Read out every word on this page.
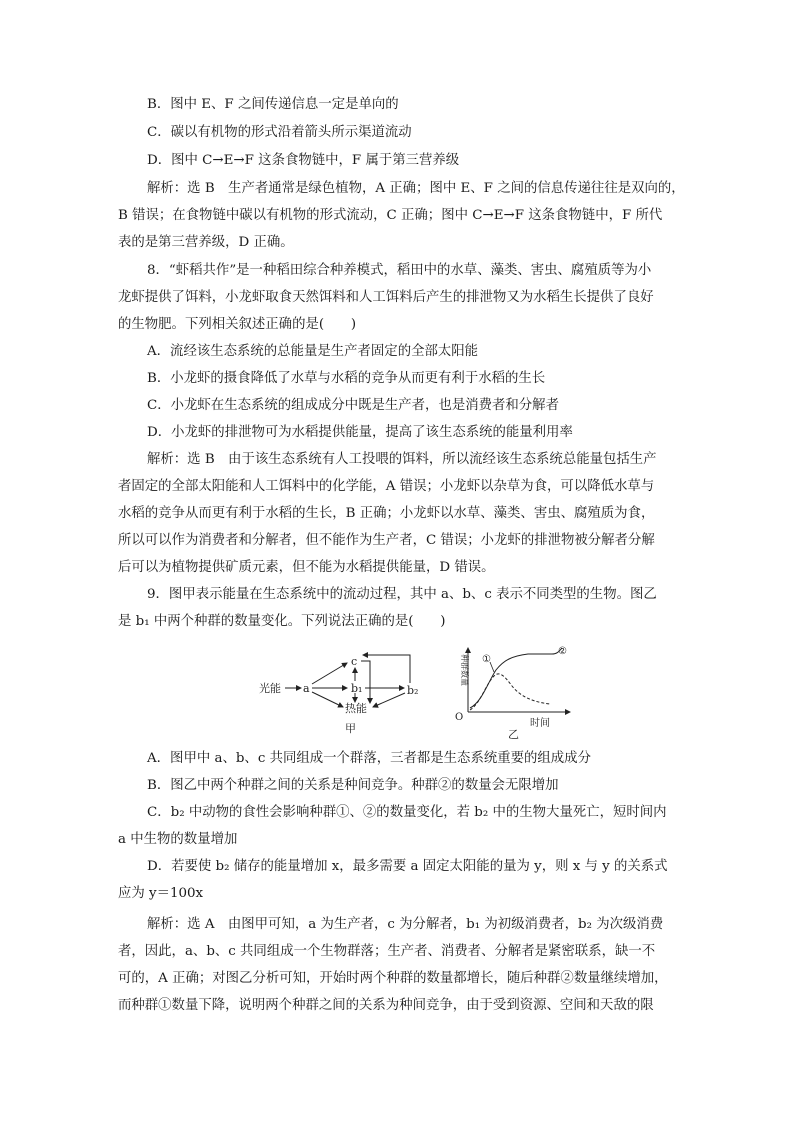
B．图中 E、F 之间传递信息一定是单向的
C．碳以有机物的形式沿着箭头所示渠道流动
D．图中 C→E→F 这条食物链中，F 属于第三营养级
解析：选 B　生产者通常是绿色植物，A 正确；图中 E、F 之间的信息传递往往是双向的，
B 错误；在食物链中碳以有机物的形式流动，C 正确；图中 C→E→F 这条食物链中，F 所代
表的是第三营养级，D 正确。
8．“虾稻共作”是一种稻田综合种养模式，稻田中的水草、藻类、害虫、腐殖质等为小
龙虾提供了饵料，小龙虾取食天然饵料和人工饵料后产生的排泄物又为水稻生长提供了良好
的生物肥。下列相关叙述正确的是(　　)
A．流经该生态系统的总能量是生产者固定的全部太阳能
B．小龙虾的摄食降低了水草与水稻的竞争从而更有利于水稻的生长
C．小龙虾在生态系统的组成成分中既是生产者，也是消费者和分解者
D．小龙虾的排泄物可为水稻提供能量，提高了该生态系统的能量利用率
解析：选 B　由于该生态系统有人工投喂的饵料，所以流经该生态系统总能量包括生产
者固定的全部太阳能和人工饵料中的化学能，A 错误；小龙虾以杂草为食，可以降低水草与
水稻的竞争从而更有利于水稻的生长，B 正确；小龙虾以水草、藻类、害虫、腐殖质为食，
所以可以作为消费者和分解者，但不能作为生产者，C 错误；小龙虾的排泄物被分解者分解
后可以为植物提供矿质元素，但不能为水稻提供能量，D 错误。
9．图甲表示能量在生态系统中的流动过程，其中 a、b、c 表示不同类型的生物。图乙
是 b₁ 中两个种群的数量变化。下列说法正确的是(　　)
光能 a
c
b₁	b₂
热能
甲
O
种群数量
时间
①
②
乙
A．图甲中 a、b、c 共同组成一个群落，三者都是生态系统重要的组成成分
B．图乙中两个种群之间的关系是种间竞争。种群②的数量会无限增加
C．b₂ 中动物的食性会影响种群①、②的数量变化，若 b₂ 中的生物大量死亡，短时间内
a 中生物的数量增加
D．若要使 b₂ 储存的能量增加 x，最多需要 a 固定太阳能的量为 y，则 x 与 y 的关系式
应为 y＝100x
解析：选 A　由图甲可知，a 为生产者，c 为分解者，b₁ 为初级消费者，b₂ 为次级消费
者，因此，a、b、c 共同组成一个生物群落；生产者、消费者、分解者是紧密联系，缺一不
可的，A 正确；对图乙分析可知，开始时两个种群的数量都增长，随后种群②数量继续增加，
而种群①数量下降，说明两个种群之间的关系为种间竞争，由于受到资源、空间和天敌的限
